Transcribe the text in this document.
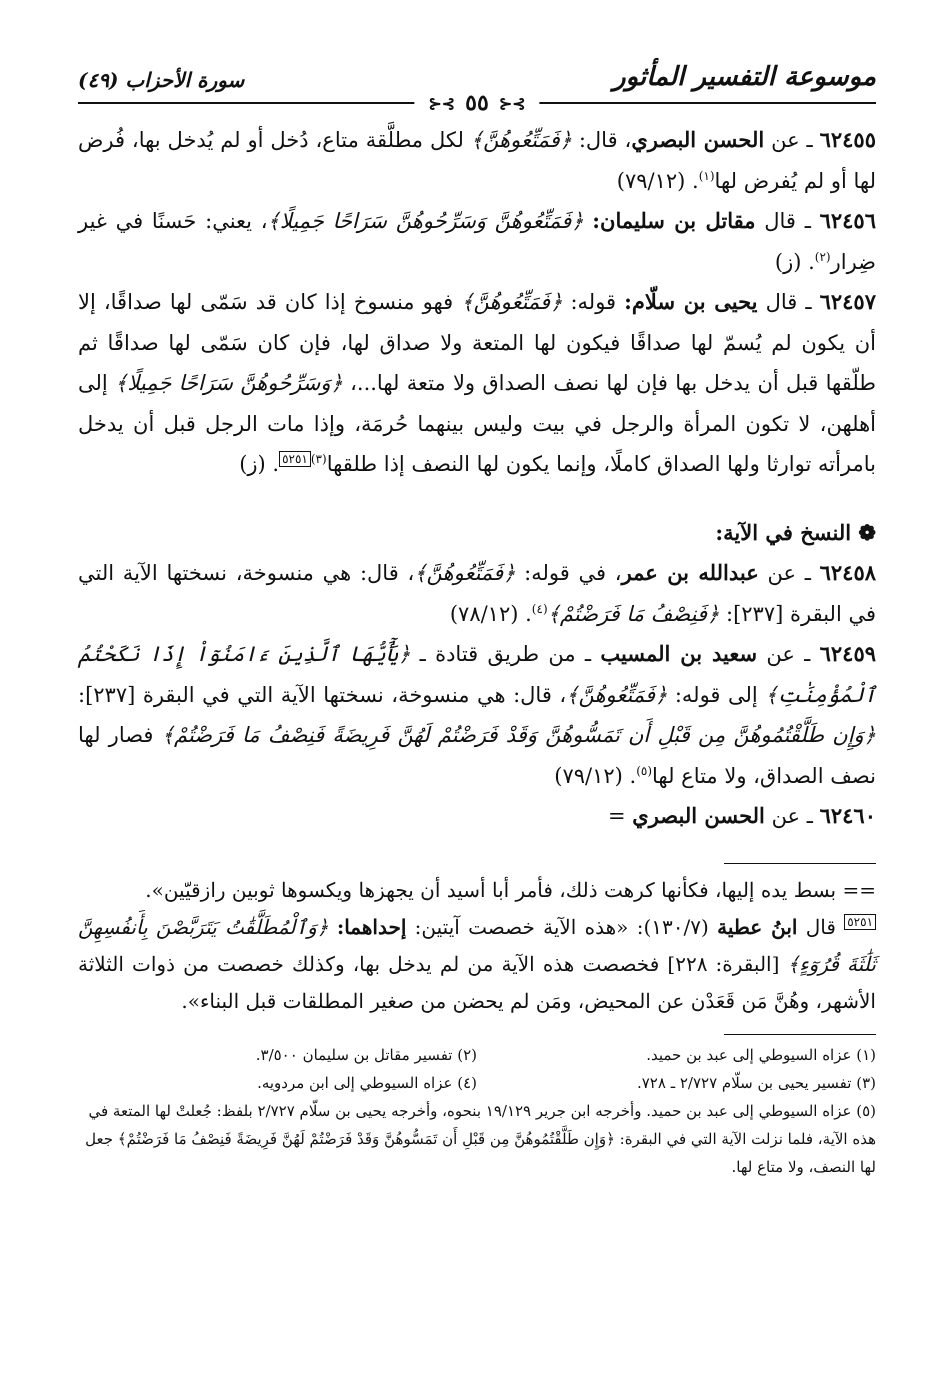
موسوعة التفسير المأثور
سورة الأحزاب (٤٩)
⊱⊰
٥٥
⊱⊰

٦٢٤٥٥ ـ عن الحسن البصري، قال: ﴿فَمَتِّعُوهُنَّ﴾ لكل مطلَّقة متاع، دُخل أو لم يُدخل بها، فُرض لها أو لم يُفرض لها$^{(١)}$. (٧٩/١٢)

٦٢٤٥٦ ـ قال مقاتل بن سليمان: ﴿فَمَتِّعُوهُنَّ وَسَرِّحُوهُنَّ سَرَاحًا جَمِيلًا﴾، يعني: حَسنًا في غير ضِرار$^{(٢)}$. (ز)

٦٢٤٥٧ ـ قال يحيى بن سلّام: قوله: ﴿فَمَتِّعُوهُنَّ﴾ فهو منسوخ إذا كان قد سَمّى لها صداقًا، إلا أن يكون لم يُسمّ لها صداقًا فيكون لها المتعة ولا صداق لها، فإن كان سَمّى لها صداقًا ثم طلّقها قبل أن يدخل بها فإن لها نصف الصداق ولا متعة لها...، ﴿وَسَرِّحُوهُنَّ سَرَاحًا جَمِيلًا﴾ إلى أهلهن، لا تكون المرأة والرجل في بيت وليس بينهما حُرمَة، وإذا مات الرجل قبل أن يدخل بامرأته توارثا ولها الصداق كاملًا، وإنما يكون لها النصف إذا طلقها$^{(٣)٥٢٥١}$. (ز)

❁ النسخ في الآية:

٦٢٤٥٨ ـ عن عبدالله بن عمر، في قوله: ﴿فَمَتِّعُوهُنَّ﴾، قال: هي منسوخة، نسختها الآية التي في البقرة [٢٣٧]: ﴿فَنِصْفُ مَا فَرَضْتُمْ﴾$^{(٤)}$. (٧٨/١٢)

٦٢٤٥٩ ـ عن سعيد بن المسيب ـ من طريق قتادة ـ ﴿يَٰٓأَيُّهَا ٱلَّذِينَ ءَامَنُوٓاْ إِذَا نَكَحْتُمُ ٱلْمُؤْمِنَٰتِ﴾ إلى قوله: ﴿فَمَتِّعُوهُنَّ﴾، قال: هي منسوخة، نسختها الآية التي في البقرة [٢٣٧]: ﴿وَإِن طَلَّقْتُمُوهُنَّ مِن قَبْلِ أَن تَمَسُّوهُنَّ وَقَدْ فَرَضْتُمْ لَهُنَّ فَرِيضَةً فَنِصْفُ مَا فَرَضْتُمْ﴾ فصار لها نصف الصداق، ولا متاع لها$^{(٥)}$. (٧٩/١٢)

٦٢٤٦٠ ـ عن الحسن البصري =

== بسط يده إليها، فكأنها كرهت ذلك، فأمر أبا أسيد أن يجهزها ويكسوها ثوبين رازقيّين».

$^{٥٢٥١}$ قال ابنُ عطية (١٣٠/٧): «هذه الآية خصصت آيتين: إحداهما: ﴿وَٱلْمُطَلَّقَٰتُ يَتَرَبَّصْنَ بِأَنفُسِهِنَّ ثَلَٰثَةَ قُرُوٓءٍ﴾ [البقرة: ٢٢٨] فخصصت هذه الآية من لم يدخل بها، وكذلك خصصت من ذوات الثلاثة الأشهر، وهُنَّ مَن قَعَدْن عن المحيض، ومَن لم يحضن من صغير المطلقات قبل البناء».

(١) عزاه السيوطي إلى عبد بن حميد.
(٢) تفسير مقاتل بن سليمان ٣/٥٠٠.
(٣) تفسير يحيى بن سلّام ٢/٧٢٧ ـ ٧٢٨.
(٤) عزاه السيوطي إلى ابن مردويه.
(٥) عزاه السيوطي إلى عبد بن حميد. وأخرجه ابن جرير ١٩/١٢٩ بنحوه، وأخرجه يحيى بن سلّام ٢/٧٢٧ بلفظ: جُعلتْ لها المتعة في هذه الآية، فلما نزلت الآية التي في البقرة: ﴿وَإِن طَلَّقْتُمُوهُنَّ مِن قَبْلِ أَن تَمَسُّوهُنَّ وَقَدْ فَرَضْتُمْ لَهُنَّ فَرِيضَةً فَنِصْفُ مَا فَرَضْتُمْ﴾ جعل لها النصف، ولا متاع لها.
